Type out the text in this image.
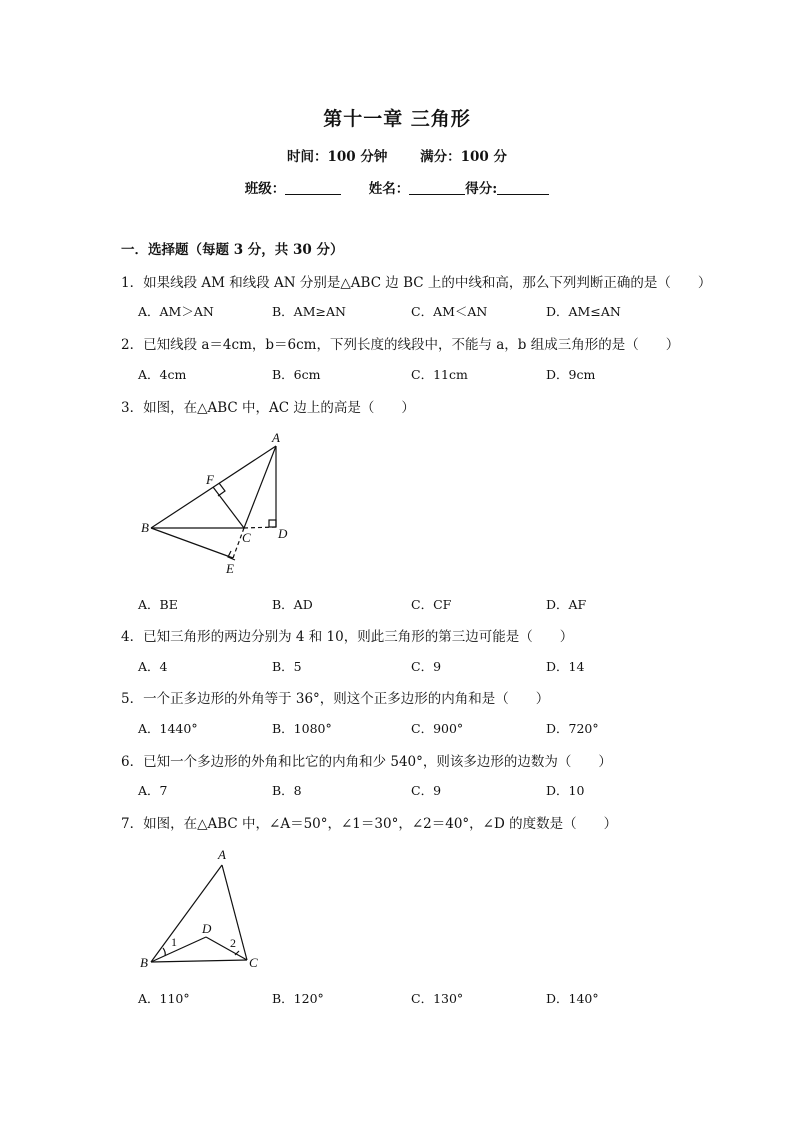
第十一章 三角形
时间：100 分钟 满分：100 分
班级：	姓名：	得分:
一．选择题（每题 3 分，共 30 分）
1．如果线段 AM 和线段 AN 分别是△ABC 边 BC 上的中线和高，那么下列判断正确的是（　　）
A．AM＞AN	B．AM≥AN	C．AM＜AN	D．AM≤AN
2．已知线段 a＝4cm，b＝6cm，下列长度的线段中，不能与 a，b 组成三角形的是（　　）
A．4cm	B．6cm	C．11cm	D．9cm
3．如图，在△ABC 中，AC 边上的高是（　　）
A
F
B
C D
E
A．BE	B．AD	C．CF	D．AF
4．已知三角形的两边分别为 4 和 10，则此三角形的第三边可能是（　　）
A．4	B．5	C．9	D．14
5．一个正多边形的外角等于 36°，则这个正多边形的内角和是（　　）
A．1440°	B．1080°	C．900°	D．720°
6．已知一个多边形的外角和比它的内角和少 540°，则该多边形的边数为（　　）
A．7	B．8	C．9	D．10
7．如图，在△ABC 中，∠A＝50°，∠1＝30°，∠2＝40°，∠D 的度数是（　　）
A
D
1	2
B	C
A．110°	B．120°	C．130°	D．140°
